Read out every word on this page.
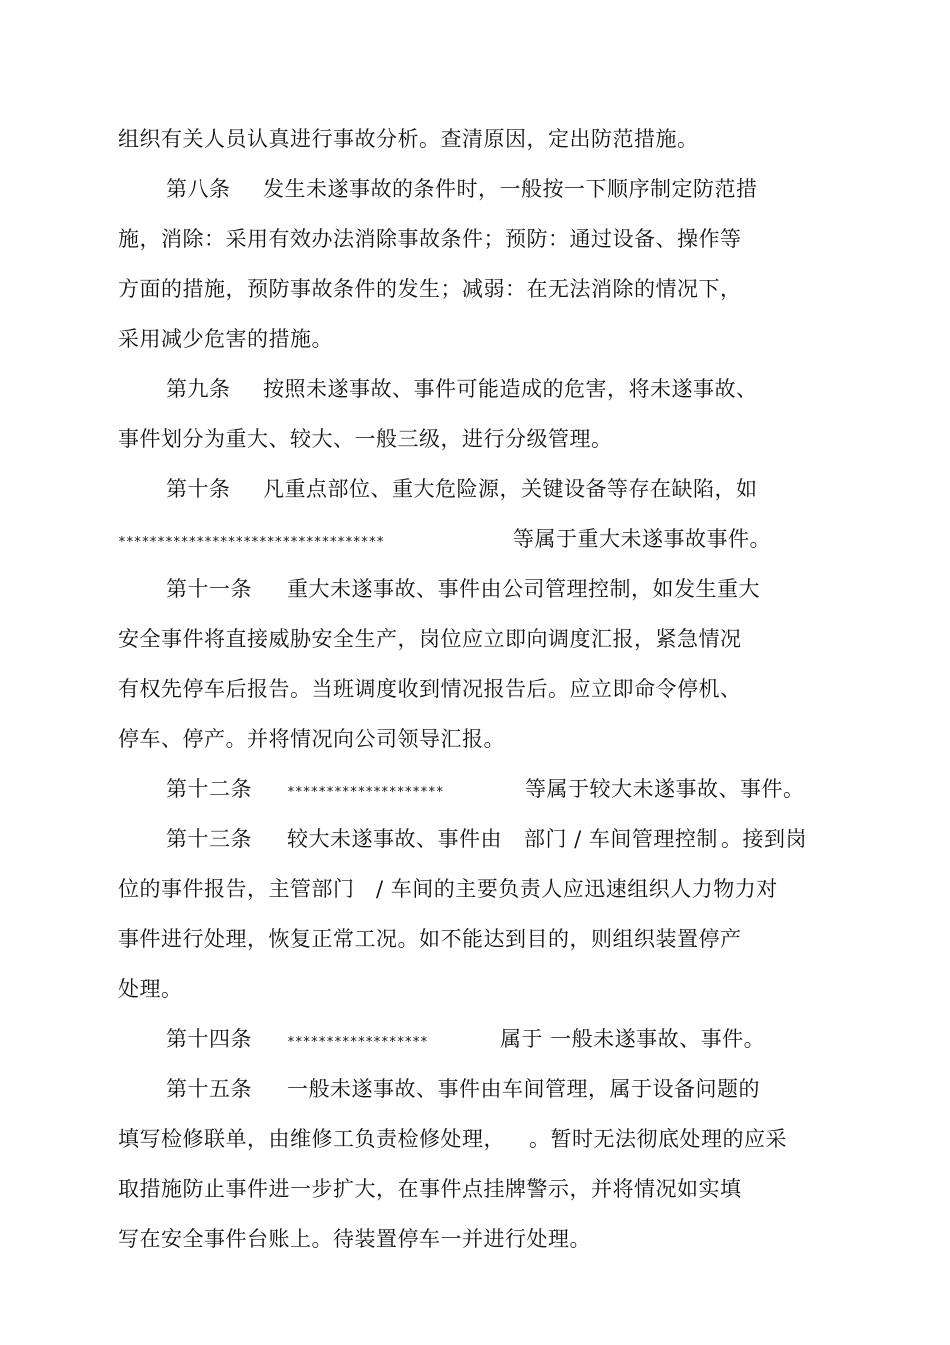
组织有关人员认真进行事故分析。查清原因，定出防范措施。

第八条

发生未遂事故的条件时，一般按一下顺序制定防范措

施，消除：采用有效办法消除事故条件；预防：通过设备、操作等

方面的措施，预防事故条件的发生；减弱：在无法消除的情况下，

采用减少危害的措施。

第九条

按照未遂事故、事件可能造成的危害，将未遂事故、

事件划分为重大、较大、一般三级，进行分级管理。

第十条

凡重点部位、重大危险源，关键设备等存在缺陷，如

**********************************

	等属于重大未遂事故事件。

第十一条

重大未遂事故、事件由公司管理控制，如发生重大

安全事件将直接威胁安全生产，岗位应立即向调度汇报，紧急情况

有权先停车后报告。当班调度收到情况报告后。应立即命令停机、

停车、停产。并将情况向公司领导汇报。

第十二条

	********************

	等属于较大未遂事故、事件。

第十三条

较大未遂事故、事件由

部门 / 车间管理控制

。接到岗

位的事件报告，主管部门

/ 车间的主要负责人应迅速组织人力物力对

事件进行处理，恢复正常工况。如不能达到目的，则组织装置停产

处理。

第十四条

	******************

	属于 一般未遂事故、事件。

第十五条

一般未遂事故、事件由车间管理，属于设备问题的

填写检修联单，由维修工负责检修处理，

。暂时无法彻底处理的应采

取措施防止事件进一步扩大，在事件点挂牌警示，并将情况如实填

写在安全事件台账上。待装置停车一并进行处理。
